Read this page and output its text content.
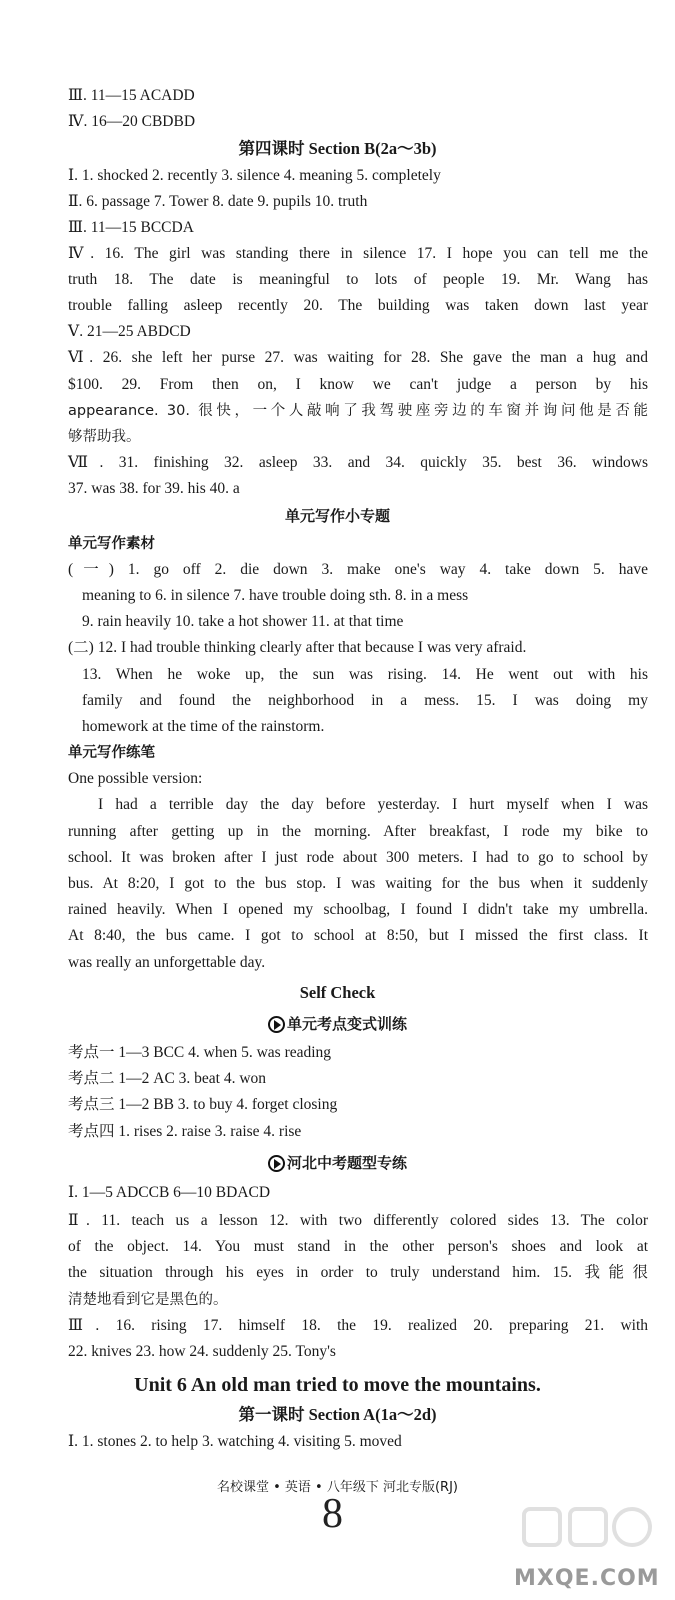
Ⅲ. 11—15 ACADD
Ⅳ. 16—20 CBDBD
第四课时 Section B(2a～3b)
Ⅰ. 1. shocked 2. recently 3. silence 4. meaning 5. completely
Ⅱ. 6. passage 7. Tower 8. date 9. pupils 10. truth
Ⅲ. 11—15 BCCDA
Ⅳ. 16. The girl was standing there in silence 17. I hope you can tell me the
truth 18. The date is meaningful to lots of people 19. Mr. Wang has
trouble falling asleep recently 20. The building was taken down last year
Ⅴ. 21—25 ABDCD
Ⅵ. 26. she left her purse 27. was waiting for 28. She gave the man a hug and
$100. 29. From then on, I know we can't judge a person by his
appearance. 30. 很快，一个人敲响了我驾驶座旁边的车窗并询问他是否能
够帮助我。
Ⅶ. 31. finishing 32. asleep 33. and 34. quickly 35. best 36. windows
37. was 38. for 39. his 40. a
单元写作小专题
单元写作素材
(一) 1. go off 2. die down 3. make one's way 4. take down 5. have
meaning to 6. in silence 7. have trouble doing sth. 8. in a mess
9. rain heavily 10. take a hot shower 11. at that time
(二) 12. I had trouble thinking clearly after that because I was very afraid.
13. When he woke up, the sun was rising. 14. He went out with his
family and found the neighborhood in a mess. 15. I was doing my
homework at the time of the rainstorm.
单元写作练笔
One possible version:
I had a terrible day the day before yesterday. I hurt myself when I was
running after getting up in the morning. After breakfast, I rode my bike to
school. It was broken after I just rode about 300 meters. I had to go to school by
bus. At 8:20, I got to the bus stop. I was waiting for the bus when it suddenly
rained heavily. When I opened my schoolbag, I found I didn't take my umbrella.
At 8:40, the bus came. I got to school at 8:50, but I missed the first class. It
was really an unforgettable day.
Self Check
单元考点变式训练
考点一 1—3 BCC 4. when 5. was reading
考点二 1—2 AC 3. beat 4. won
考点三 1—2 BB 3. to buy 4. forget closing
考点四 1. rises 2. raise 3. raise 4. rise
河北中考题型专练
Ⅰ. 1—5 ADCCB 6—10 BDACD
Ⅱ. 11. teach us a lesson 12. with two differently colored sides 13. The color
of the object. 14. You must stand in the other person's shoes and look at
the situation through his eyes in order to truly understand him. 15. 我能很
清楚地看到它是黑色的。
Ⅲ. 16. rising 17. himself 18. the 19. realized 20. preparing 21. with
22. knives 23. how 24. suddenly 25. Tony's
Unit 6 An old man tried to move the mountains.
第一课时 Section A(1a～2d)
Ⅰ. 1. stones 2. to help 3. watching 4. visiting 5. moved
名校课堂 • 英语 • 八年级下 河北专版(RJ)
8
MXQE.COM
